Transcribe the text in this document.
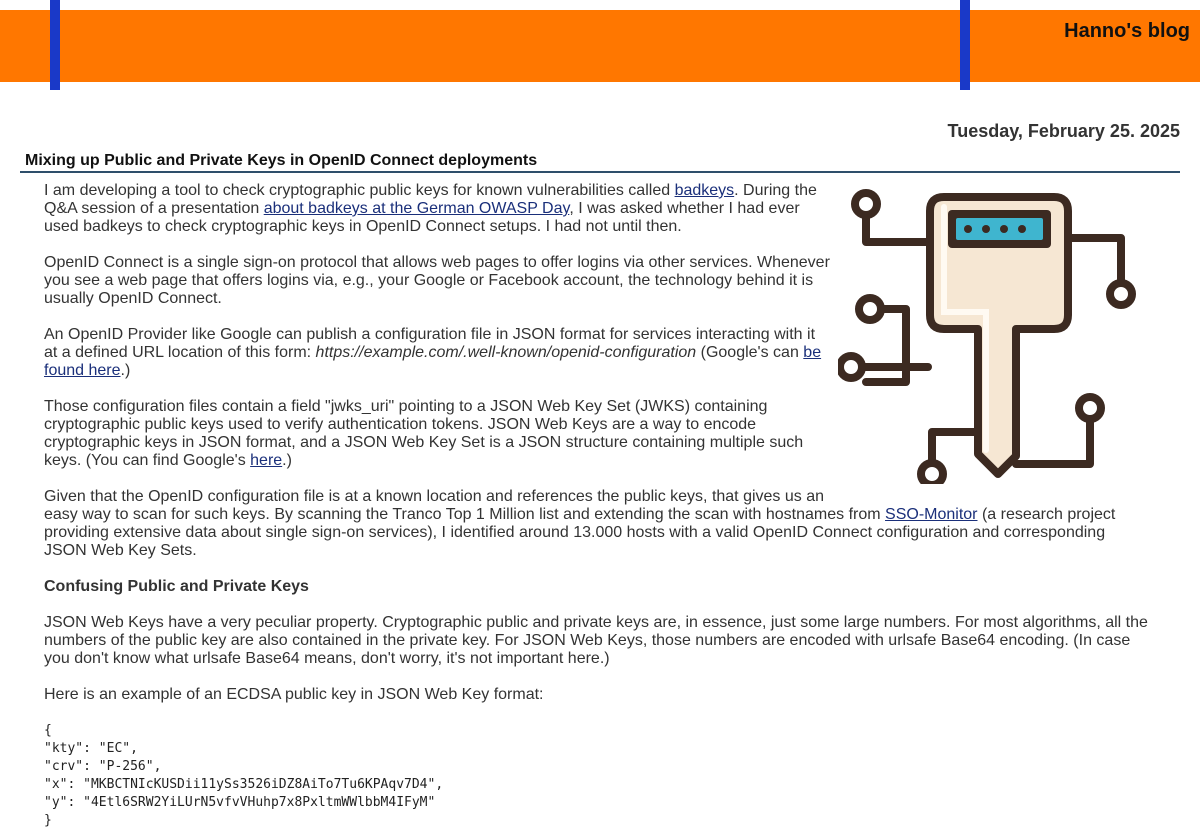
Hanno's blog
Tuesday, February 25. 2025
Mixing up Public and Private Keys in OpenID Connect deployments

I am developing a tool to check cryptographic public keys for known vulnerabilities called badkeys. During the Q&A session of a presentation about badkeys at the German OWASP Day, I was asked whether I had ever used badkeys to check cryptographic keys in OpenID Connect setups. I had not until then.

OpenID Connect is a single sign-on protocol that allows web pages to offer logins via other services. Whenever you see a web page that offers logins via, e.g., your Google or Facebook account, the technology behind it is usually OpenID Connect.

An OpenID Provider like Google can publish a configuration file in JSON format for services interacting with it at a defined URL location of this form: https://example.com/.well-known/openid-configuration (Google's can be found here.)

Those configuration files contain a field "jwks_uri" pointing to a JSON Web Key Set (JWKS) containing cryptographic public keys used to verify authentication tokens. JSON Web Keys are a way to encode cryptographic keys in JSON format, and a JSON Web Key Set is a JSON structure containing multiple such keys. (You can find Google's here.)

Given that the OpenID configuration file is at a known location and references the public keys, that gives us an easy way to scan for such keys. By scanning the Tranco Top 1 Million list and extending the scan with hostnames from SSO-Monitor (a research project providing extensive data about single sign-on services), I identified around 13.000 hosts with a valid OpenID Connect configuration and corresponding JSON Web Key Sets.

Confusing Public and Private Keys

JSON Web Keys have a very peculiar property. Cryptographic public and private keys are, in essence, just some large numbers. For most algorithms, all the numbers of the public key are also contained in the private key. For JSON Web Keys, those numbers are encoded with urlsafe Base64 encoding. (In case you don't know what urlsafe Base64 means, don't worry, it's not important here.)

Here is an example of an ECDSA public key in JSON Web Key format:

{
"kty": "EC",
"crv": "P-256",
"x": "MKBCTNIcKUSDii11ySs3526iDZ8AiTo7Tu6KPAqv7D4",
"y": "4Etl6SRW2YiLUrN5vfvVHuhp7x8PxltmWWlbbM4IFyM"
}
